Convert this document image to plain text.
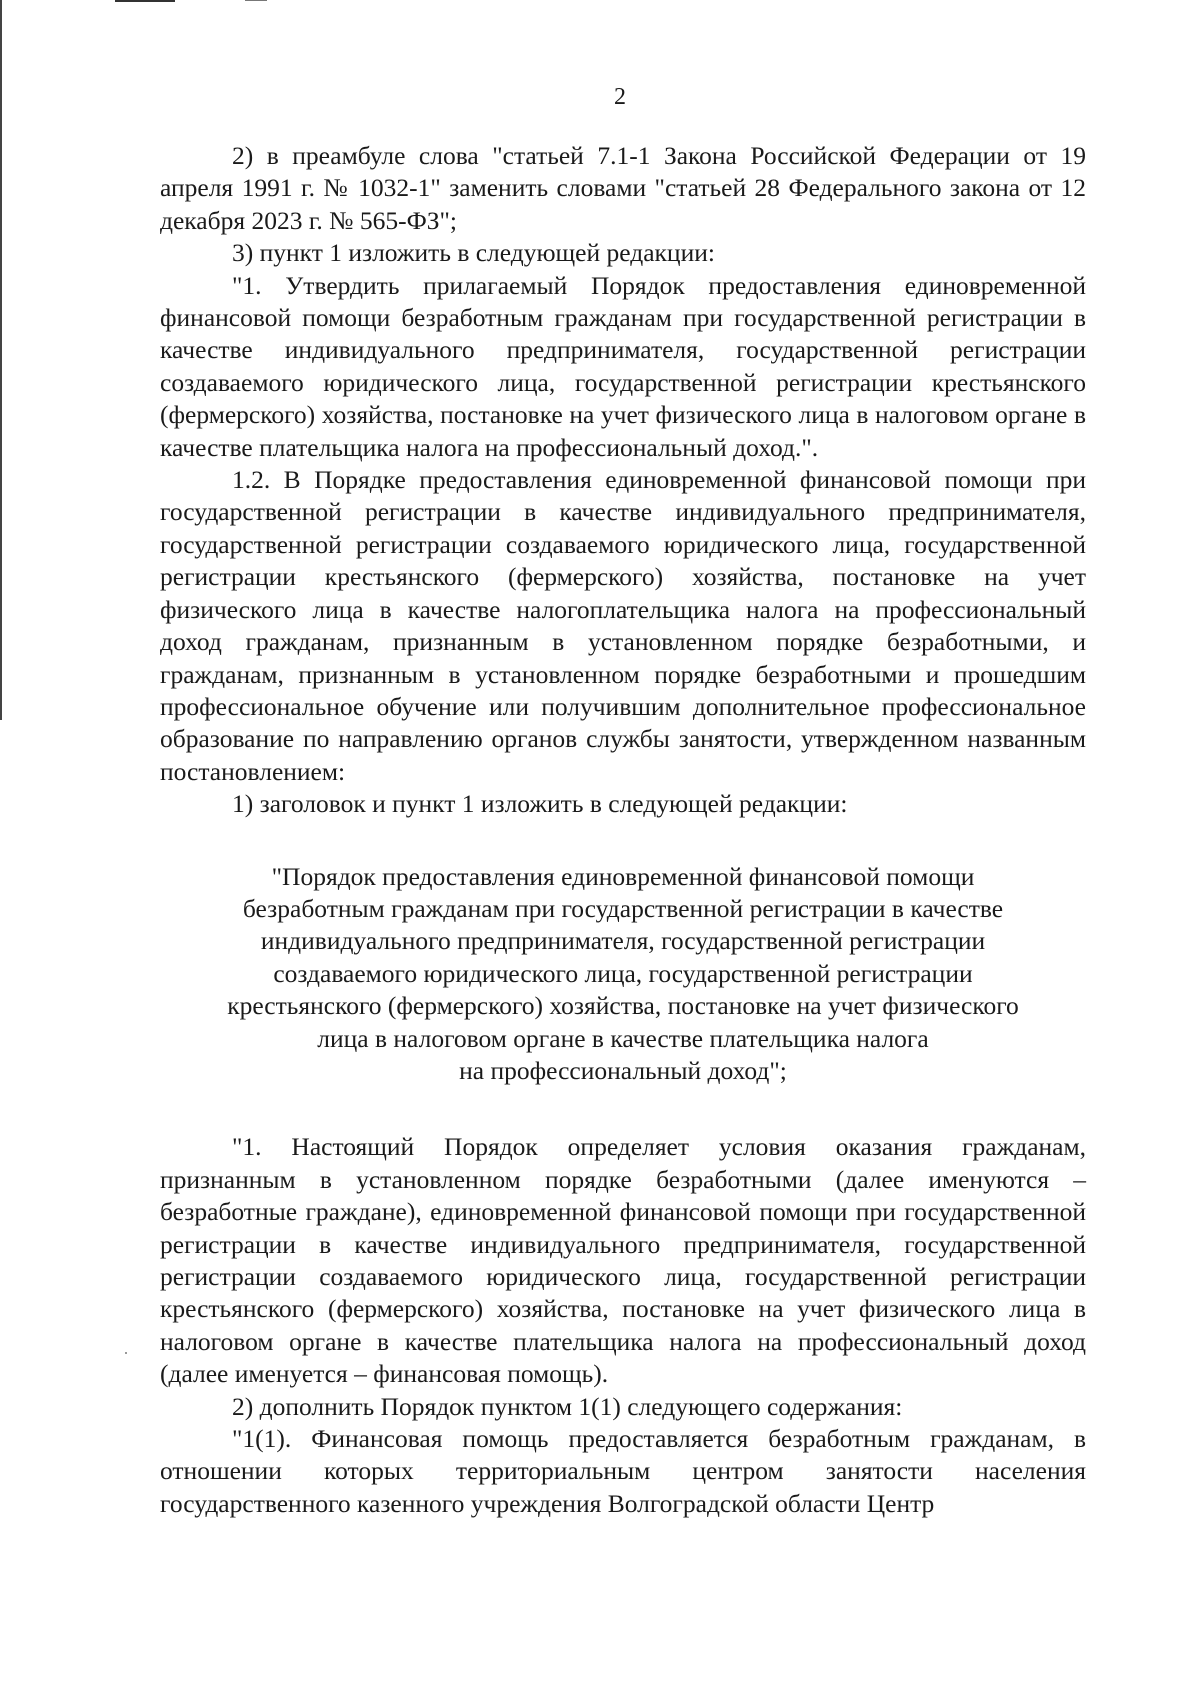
2

2) в преамбуле слова "статьей 7.1-1 Закона Российской Федерации от 19 апреля 1991 г. № 1032-1" заменить словами "статьей 28 Федерального закона от 12 декабря 2023 г. № 565-ФЗ";

3) пункт 1 изложить в следующей редакции:

"1. Утвердить прилагаемый Порядок предоставления единовременной финансовой помощи безработным гражданам при государственной регистрации в качестве индивидуального предпринимателя, государственной регистрации создаваемого юридического лица, государственной регистрации крестьянского (фермерского) хозяйства, постановке на учет физического лица в налоговом органе в качестве плательщика налога на профессиональный доход.".

1.2. В Порядке предоставления единовременной финансовой помощи при государственной регистрации в качестве индивидуального предпринимателя, государственной регистрации создаваемого юридического лица, государственной регистрации крестьянского (фермерского) хозяйства, постановке на учет физического лица в качестве налогоплательщика налога на профессиональный доход гражданам, признанным в установленном порядке безработными, и гражданам, признанным в установленном порядке безработными и прошедшим профессиональное обучение или получившим дополнительное профессиональное образование по направлению органов службы занятости, утвержденном названным постановлением:

1) заголовок и пункт 1 изложить в следующей редакции:

"Порядок предоставления единовременной финансовой помощи
безработным гражданам при государственной регистрации в качестве
индивидуального предпринимателя, государственной регистрации
создаваемого юридического лица, государственной регистрации
крестьянского (фермерского) хозяйства, постановке на учет физического
лица в налоговом органе в качестве плательщика налога
на профессиональный доход";

"1. Настоящий Порядок определяет условия оказания гражданам, признанным в установленном порядке безработными (далее именуются – безработные граждане), единовременной финансовой помощи при государственной регистрации в качестве индивидуального предпринимателя, государственной регистрации создаваемого юридического лица, государственной регистрации крестьянского (фермерского) хозяйства, постановке на учет физического лица в налоговом органе в качестве плательщика налога на профессиональный доход (далее именуется – финансовая помощь).

2) дополнить Порядок пунктом 1(1) следующего содержания:

"1(1). Финансовая помощь предоставляется безработным гражданам, в отношении которых территориальным центром занятости населения государственного казенного учреждения Волгоградской области Центр
